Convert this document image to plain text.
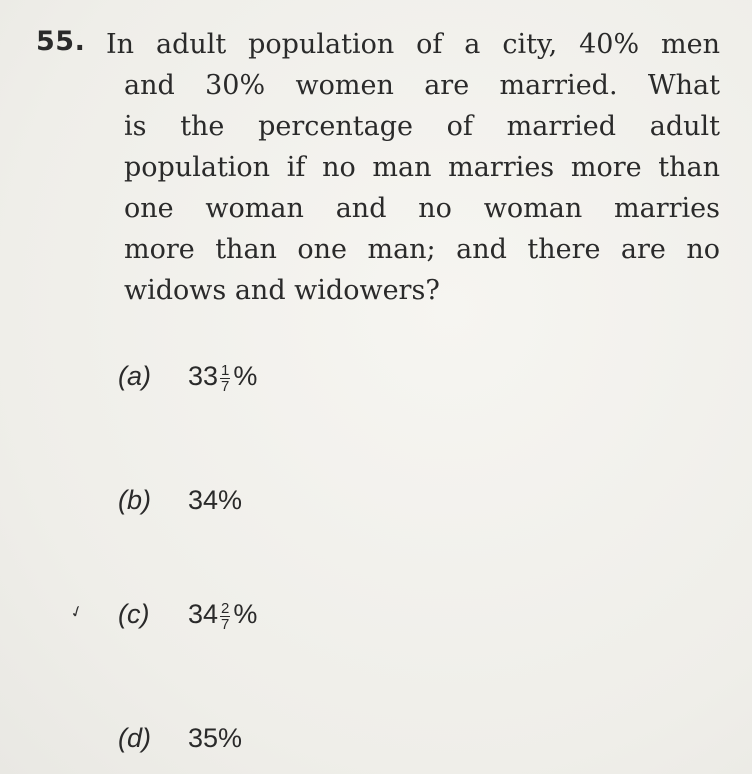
55. In adult population of a city, 40% men
and 30% women are married. What
is the percentage of married adult
population if no man marries more than
one woman and no woman marries
more than one man; and there are no
widows and widowers?
(a)	$33 \frac{1}{7}$ %
(b)	34%
✓ (c)	$34 \frac{2}{7}$ %
(d)	35%
